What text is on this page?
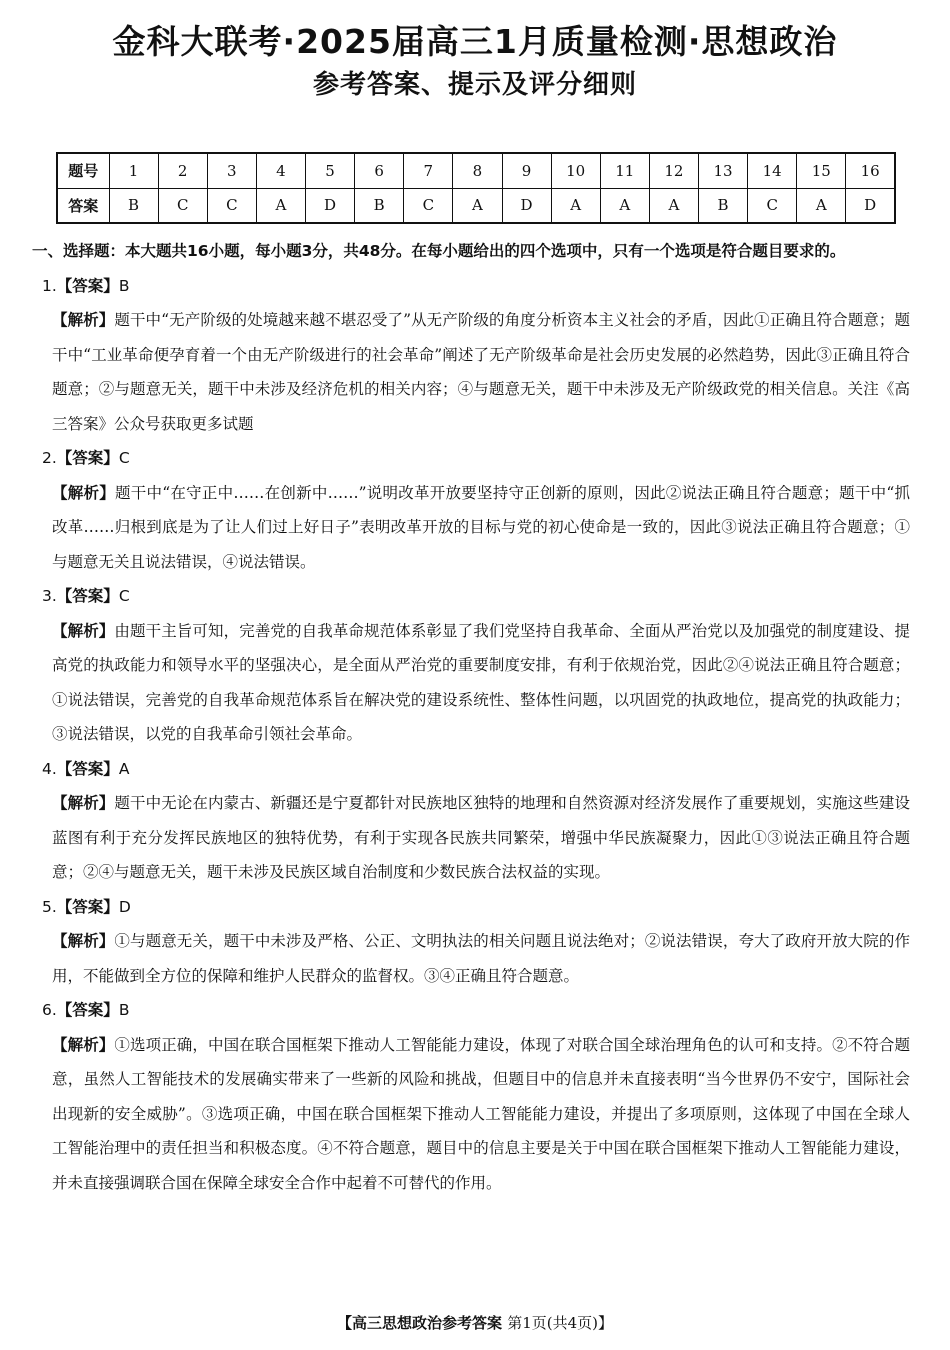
金科大联考·2025届高三1月质量检测·思想政治
参考答案、提示及评分细则
题号	1	2	3	4	5	6	7	8	9	10	11	12	13	14	15	16
答案	B	C	C	A	D	B	C	A	D	A	A	A	B	C	A	D
一、选择题：本大题共16小题，每小题3分，共48分。在每小题给出的四个选项中，只有一个选项是符合题目要求的。
1.【答案】B
【解析】题干中“无产阶级的处境越来越不堪忍受了”从无产阶级的角度分析资本主义社会的矛盾，因此①正确且符合题意；题干中“工业革命便孕育着一个由无产阶级进行的社会革命”阐述了无产阶级革命是社会历史发展的必然趋势，因此③正确且符合题意；②与题意无关，题干中未涉及经济危机的相关内容；④与题意无关，题干中未涉及无产阶级政党的相关信息。关注《高三答案》公众号获取更多试题
2.【答案】C
【解析】题干中“在守正中……在创新中……”说明改革开放要坚持守正创新的原则，因此②说法正确且符合题意；题干中“抓改革……归根到底是为了让人们过上好日子”表明改革开放的目标与党的初心使命是一致的，因此③说法正确且符合题意；①与题意无关且说法错误，④说法错误。
3.【答案】C
【解析】由题干主旨可知，完善党的自我革命规范体系彰显了我们党坚持自我革命、全面从严治党以及加强党的制度建设、提高党的执政能力和领导水平的坚强决心，是全面从严治党的重要制度安排，有利于依规治党，因此②④说法正确且符合题意；①说法错误，完善党的自我革命规范体系旨在解决党的建设系统性、整体性问题，以巩固党的执政地位，提高党的执政能力；③说法错误，以党的自我革命引领社会革命。
4.【答案】A
【解析】题干中无论在内蒙古、新疆还是宁夏都针对民族地区独特的地理和自然资源对经济发展作了重要规划，实施这些建设蓝图有利于充分发挥民族地区的独特优势，有利于实现各民族共同繁荣，增强中华民族凝聚力，因此①③说法正确且符合题意；②④与题意无关，题干未涉及民族区域自治制度和少数民族合法权益的实现。
5.【答案】D
【解析】①与题意无关，题干中未涉及严格、公正、文明执法的相关问题且说法绝对；②说法错误，夸大了政府开放大院的作用，不能做到全方位的保障和维护人民群众的监督权。③④正确且符合题意。
6.【答案】B
【解析】①选项正确，中国在联合国框架下推动人工智能能力建设，体现了对联合国全球治理角色的认可和支持。②不符合题意，虽然人工智能技术的发展确实带来了一些新的风险和挑战，但题目中的信息并未直接表明“当今世界仍不安宁，国际社会出现新的安全威胁”。③选项正确，中国在联合国框架下推动人工智能能力建设，并提出了多项原则，这体现了中国在全球人工智能治理中的责任担当和积极态度。④不符合题意，题目中的信息主要是关于中国在联合国框架下推动人工智能能力建设，并未直接强调联合国在保障全球安全合作中起着不可替代的作用。
【高三思想政治参考答案 第1页(共4页)】
